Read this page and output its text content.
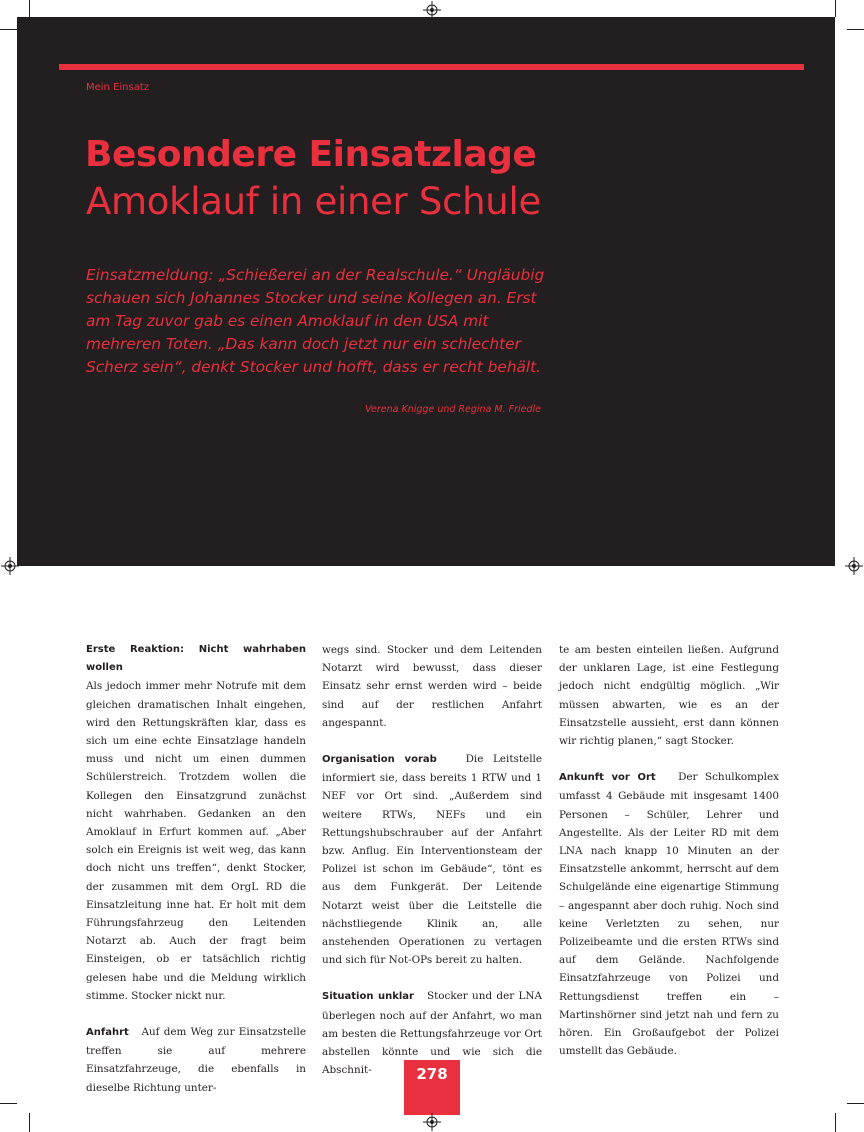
Mein Einsatz
Besondere Einsatzlage
Amoklauf in einer Schule
Einsatzmeldung: „Schießerei an der Realschule.“ Ungläubig schauen sich Johannes Stocker und seine Kollegen an. Erst am Tag zuvor gab es einen Amoklauf in den USA mit mehreren Toten. „Das kann doch jetzt nur ein schlechter Scherz sein“, denkt Stocker und hofft, dass er recht behält.
Verena Knigge und Regina M. Friedle

Erste Reaktion: Nicht wahrhaben wollen
Als jedoch immer mehr Notrufe mit dem gleichen dramatischen Inhalt eingehen, wird den Rettungskräften klar, dass es sich um eine echte Einsatzlage handeln muss und nicht um einen dummen Schülerstreich. Trotzdem wollen die Kollegen den Einsatzgrund zunächst nicht wahrhaben. Gedanken an den Amoklauf in Erfurt kommen auf. „Aber solch ein Ereignis ist weit weg, das kann doch nicht uns treffen“, denkt Stocker, der zusammen mit dem OrgL RD die Einsatzleitung inne hat. Er holt mit dem Führungsfahrzeug den Leitenden Notarzt ab. Auch der fragt beim Einsteigen, ob er tatsächlich richtig gelesen habe und die Meldung wirklich stimme. Stocker nickt nur.

Anfahrt Auf dem Weg zur Einsatzstelle treffen sie auf mehrere Einsatzfahrzeuge, die ebenfalls in dieselbe Richtung unter-

wegs sind. Stocker und dem Leitenden Notarzt wird bewusst, dass dieser Einsatz sehr ernst werden wird – beide sind auf der restlichen Anfahrt angespannt.

Organisation vorab	Die Leitstelle informiert sie, dass bereits 1 RTW und 1 NEF vor Ort sind. „Außerdem sind weitere RTWs, NEFs und ein Rettungshubschrauber auf der Anfahrt bzw. Anflug. Ein Interventionsteam der Polizei ist schon im Gebäude“, tönt es aus dem Funkgerät. Der Leitende Notarzt weist über die Leitstelle die nächstliegende Klinik an, alle anstehenden Operationen zu vertagen und sich für Not-OPs bereit zu halten.

Situation unklar Stocker und der LNA überlegen noch auf der Anfahrt, wo man am besten die Rettungsfahrzeuge vor Ort abstellen könnte und wie sich die Abschnit-

te am besten einteilen ließen. Aufgrund der unklaren Lage, ist eine Festlegung jedoch nicht endgültig möglich. „Wir müssen abwarten, wie es an der Einsatzstelle aussieht, erst dann können wir richtig planen,“ sagt Stocker.

Ankunft vor Ort Der Schulkomplex umfasst 4 Gebäude mit insgesamt 1400 Personen – Schüler, Lehrer und Angestellte. Als der Leiter RD mit dem LNA nach knapp 10 Minuten an der Einsatzstelle ankommt, herrscht auf dem Schulgelände eine eigenartige Stimmung – angespannt aber doch ruhig. Noch sind keine Verletzten zu sehen, nur Polizeibeamte und die ersten RTWs sind auf dem Gelände. Nachfolgende Einsatzfahrzeuge von Polizei und Rettungsdienst treffen ein – Martinshörner sind jetzt nah und fern zu hören. Ein Großaufgebot der Polizei umstellt das Gebäude.

278
